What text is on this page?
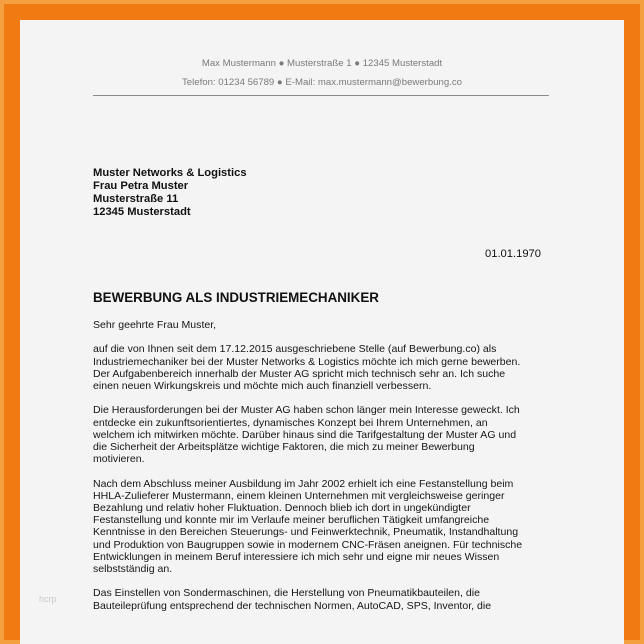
Max Mustermann ● Musterstraße 1 ● 12345 Musterstadt

Telefon: 01234 56789 ● E-Mail: max.mustermann@bewerbung.co

Muster Networks & Logistics
Frau Petra Muster
Musterstraße 11
12345 Musterstadt
01.01.1970
BEWERBUNG ALS INDUSTRIEMECHANIKER

Sehr geehrte Frau Muster,

auf die von Ihnen seit dem 17.12.2015 ausgeschriebene Stelle (auf Bewerbung.co) als
Industriemechaniker bei der Muster Networks & Logistics möchte ich mich gerne bewerben.
Der Aufgabenbereich innerhalb der Muster AG spricht mich technisch sehr an. Ich suche
einen neuen Wirkungskreis und möchte mich auch finanziell verbessern.

Die Herausforderungen bei der Muster AG haben schon länger mein Interesse geweckt. Ich
entdecke ein zukunftsorientiertes, dynamisches Konzept bei Ihrem Unternehmen, an
welchem ich mitwirken möchte. Darüber hinaus sind die Tarifgestaltung der Muster AG und
die Sicherheit der Arbeitsplätze wichtige Faktoren, die mich zu meiner Bewerbung
motivieren.

Nach dem Abschluss meiner Ausbildung im Jahr 2002 erhielt ich eine Festanstellung beim
HHLA-Zulieferer Mustermann, einem kleinen Unternehmen mit vergleichsweise geringer
Bezahlung und relativ hoher Fluktuation. Dennoch blieb ich dort in ungekündigter
Festanstellung und konnte mir im Verlaufe meiner beruflichen Tätigkeit umfangreiche
Kenntnisse in den Bereichen Steuerungs- und Feinwerktechnik, Pneumatik, Instandhaltung
und Produktion von Baugruppen sowie in modernem CNC-Fräsen aneignen. Für technische
Entwicklungen in meinem Beruf interessiere ich mich sehr und eigne mir neues Wissen
selbstständig an.

Das Einstellen von Sondermaschinen, die Herstellung von Pneumatikbauteilen, die
Bauteileprüfung entsprechend der technischen Normen, AutoCAD, SPS, Inventor, die

hcrp
